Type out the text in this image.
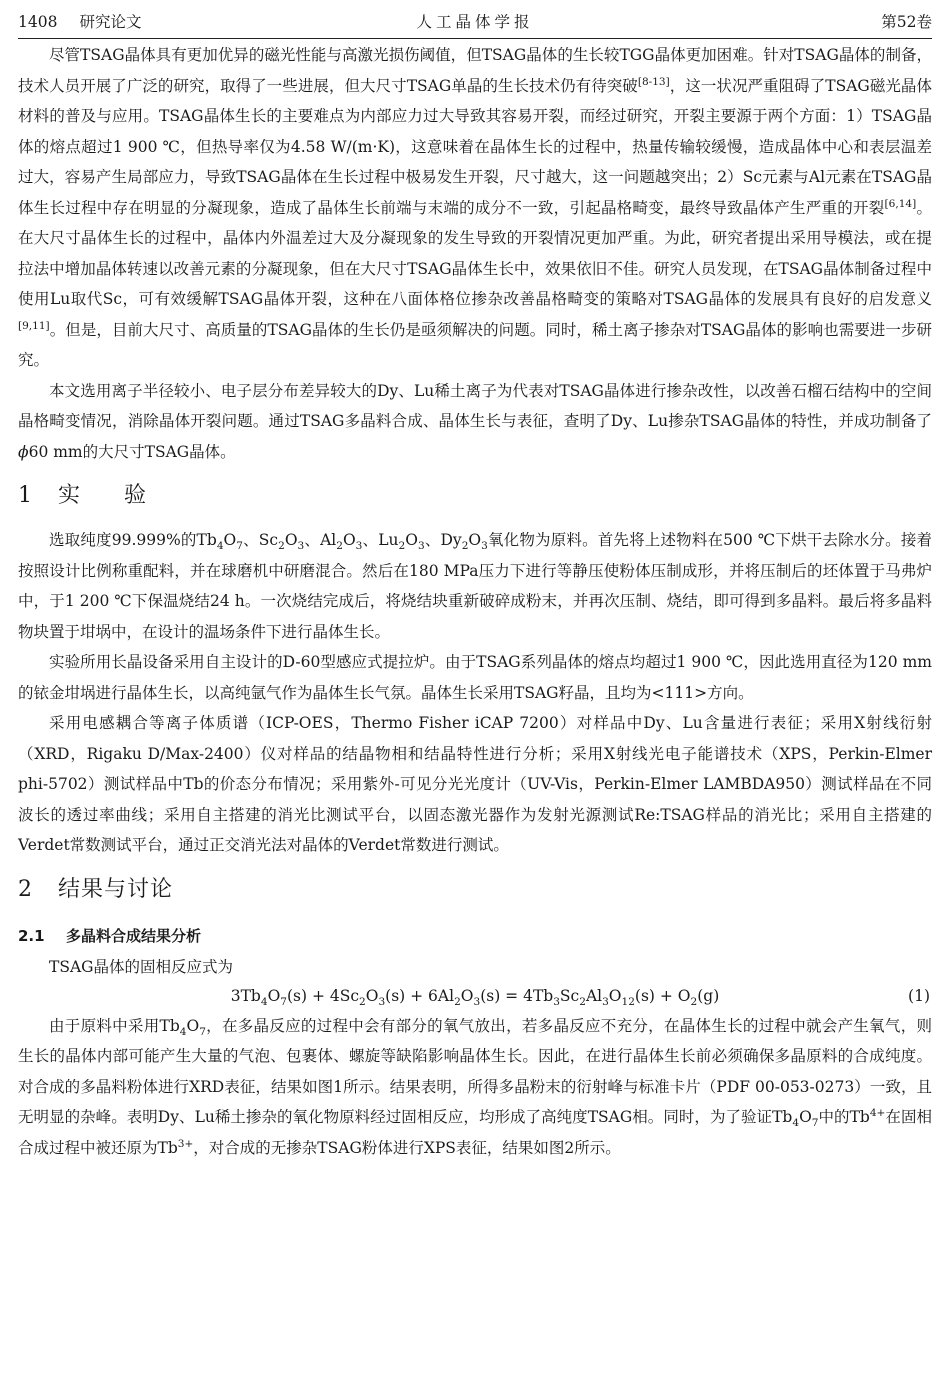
1408 研究论文	人工晶体学报	第52卷

尽管TSAG晶体具有更加优异的磁光性能与高激光损伤阈值，但TSAG晶体的生长较TGG晶体更加困难。针对TSAG晶体的制备，技术人员开展了广泛的研究，取得了一些进展，但大尺寸TSAG单晶的生长技术仍有待突破[8-13]，这一状况严重阻碍了TSAG磁光晶体材料的普及与应用。TSAG晶体生长的主要难点为内部应力过大导致其容易开裂，而经过研究，开裂主要源于两个方面：1）TSAG晶体的熔点超过1 900 ℃，但热导率仅为4.58 W/(m·K)，这意味着在晶体生长的过程中，热量传输较缓慢，造成晶体中心和表层温差过大，容易产生局部应力，导致TSAG晶体在生长过程中极易发生开裂，尺寸越大，这一问题越突出；2）Sc元素与Al元素在TSAG晶体生长过程中存在明显的分凝现象，造成了晶体生长前端与末端的成分不一致，引起晶格畸变，最终导致晶体产生严重的开裂[6,14]。在大尺寸晶体生长的过程中，晶体内外温差过大及分凝现象的发生导致的开裂情况更加严重。为此，研究者提出采用导模法，或在提拉法中增加晶体转速以改善元素的分凝现象，但在大尺寸TSAG晶体生长中，效果依旧不佳。研究人员发现，在TSAG晶体制备过程中使用Lu取代Sc，可有效缓解TSAG晶体开裂，这种在八面体格位掺杂改善晶格畸变的策略对TSAG晶体的发展具有良好的启发意义[9,11]。但是，目前大尺寸、高质量的TSAG晶体的生长仍是亟须解决的问题。同时，稀土离子掺杂对TSAG晶体的影响也需要进一步研究。

本文选用离子半径较小、电子层分布差异较大的Dy、Lu稀土离子为代表对TSAG晶体进行掺杂改性，以改善石榴石结构中的空间晶格畸变情况，消除晶体开裂问题。通过TSAG多晶料合成、晶体生长与表征，查明了Dy、Lu掺杂TSAG晶体的特性，并成功制备了ϕ60 mm的大尺寸TSAG晶体。

1 实验

选取纯度99.999%的$Tb_4O_7$、$Sc_2O_3$、$Al_2O_3$、$Lu_2O_3$、$Dy_2O_3$氧化物为原料。首先将上述物料在500 ℃下烘干去除水分。接着按照设计比例称重配料，并在球磨机中研磨混合。然后在180 MPa压力下进行等静压使粉体压制成形，并将压制后的坯体置于马弗炉中，于1 200 ℃下保温烧结24 h。一次烧结完成后，将烧结块重新破碎成粉末，并再次压制、烧结，即可得到多晶料。最后将多晶料物块置于坩埚中，在设计的温场条件下进行晶体生长。

实验所用长晶设备采用自主设计的D-60型感应式提拉炉。由于TSAG系列晶体的熔点均超过1 900 ℃，因此选用直径为120 mm的铱金坩埚进行晶体生长，以高纯氩气作为晶体生长气氛。晶体生长采用TSAG籽晶，且均为<111>方向。

采用电感耦合等离子体质谱（ICP-OES，Thermo Fisher iCAP 7200）对样品中Dy、Lu含量进行表征；采用X射线衍射（XRD，Rigaku D/Max-2400）仪对样品的结晶物相和结晶特性进行分析；采用X射线光电子能谱技术（XPS，Perkin-Elmer phi-5702）测试样品中Tb的价态分布情况；采用紫外-可见分光光度计（UV-Vis，Perkin-Elmer LAMBDA950）测试样品在不同波长的透过率曲线；采用自主搭建的消光比测试平台，以固态激光器作为发射光源测试Re:TSAG样品的消光比；采用自主搭建的Verdet常数测试平台，通过正交消光法对晶体的Verdet常数进行测试。

2 结果与讨论
2.1 多晶料合成结果分析
TSAG晶体的固相反应式为
$3Tb_4O_7(s) + 4Sc_2O_3(s) + 6Al_2O_3(s) = 4Tb_3Sc_2Al_3O_{12}(s) + O_2(g)$	(1)

由于原料中采用$Tb_4O_7$，在多晶反应的过程中会有部分的氧气放出，若多晶反应不充分，在晶体生长的过程中就会产生氧气，则生长的晶体内部可能产生大量的气泡、包裹体、螺旋等缺陷影响晶体生长。因此，在进行晶体生长前必须确保多晶原料的合成纯度。对合成的多晶料粉体进行XRD表征，结果如图1所示。结果表明，所得多晶粉末的衍射峰与标准卡片（PDF 00-053-0273）一致，且无明显的杂峰。表明Dy、Lu稀土掺杂的氧化物原料经过固相反应，均形成了高纯度TSAG相。同时，为了验证$Tb_4O_7$中的$Tb^{4+}$在固相合成过程中被还原为$Tb^{3+}$，对合成的无掺杂TSAG粉体进行XPS表征，结果如图2所示。
